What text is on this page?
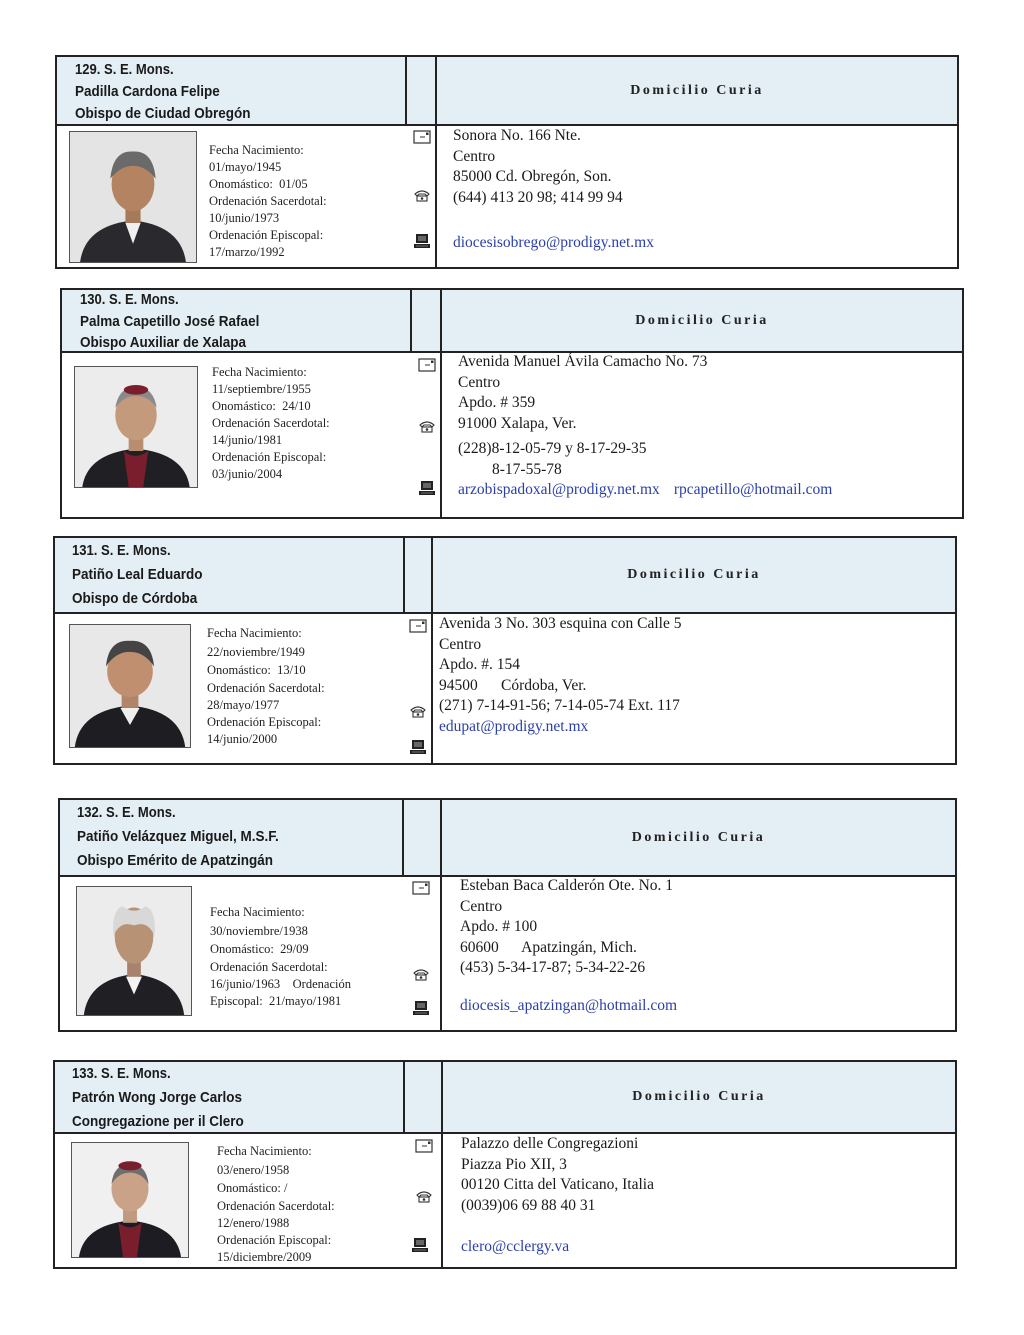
129. S. E. Mons.
Padilla Cardona Felipe
Obispo de Ciudad Obregón
Domicilio Curia
Fecha Nacimiento:
01/mayo/1945
Onomástico: 01/05
Ordenación Sacerdotal:
10/junio/1973
Ordenación Episcopal:
17/marzo/1992
Sonora No. 166 Nte.
Centro
85000 Cd. Obregón, Son.
(644) 413 20 98; 414 99 94
diocesisobrego@prodigy.net.mx
130. S. E. Mons.
Palma Capetillo José Rafael
Obispo Auxiliar de Xalapa
Domicilio Curia
Fecha Nacimiento:
11/septiembre/1955
Onomástico: 24/10
Ordenación Sacerdotal:
14/junio/1981
Ordenación Episcopal:
03/junio/2004
Avenida Manuel Ávila Camacho No. 73
Centro
Apdo. # 359
91000 Xalapa, Ver.
(228)8-12-05-79 y 8-17-29-35
8-17-55-78
arzobispadoxal@prodigy.net.mx rpcapetillo@hotmail.com
131. S. E. Mons.
Patiño Leal Eduardo
Obispo de Córdoba
Domicilio Curia
Fecha Nacimiento:
22/noviembre/1949
Onomástico: 13/10
Ordenación Sacerdotal:
28/mayo/1977
Ordenación Episcopal:
14/junio/2000
Avenida 3 No. 303 esquina con Calle 5
Centro
Apdo. #. 154
94500      Córdoba, Ver.
(271) 7-14-91-56; 7-14-05-74 Ext. 117
edupat@prodigy.net.mx
132. S. E. Mons.
Patiño Velázquez Miguel, M.S.F.
Obispo Emérito de Apatzingán
Domicilio Curia
Fecha Nacimiento:
30/noviembre/1938
Onomástico: 29/09
Ordenación Sacerdotal:
16/junio/1963 Ordenación
Episcopal: 21/mayo/1981
Esteban Baca Calderón Ote. No. 1
Centro
Apdo. # 100
60600      Apatzingán, Mich.
(453) 5-34-17-87; 5-34-22-26
diocesis_apatzingan@hotmail.com
133. S. E. Mons.
Patrón Wong Jorge Carlos
Congregazione per il Clero
Domicilio Curia
Fecha Nacimiento:
03/enero/1958
Onomástico: /
Ordenación Sacerdotal:
12/enero/1988
Ordenación Episcopal:
15/diciembre/2009
Palazzo delle Congregazioni
Piazza Pio XII, 3
00120 Citta del Vaticano, Italia
(0039)06 69 88 40 31
clero@cclergy.va
